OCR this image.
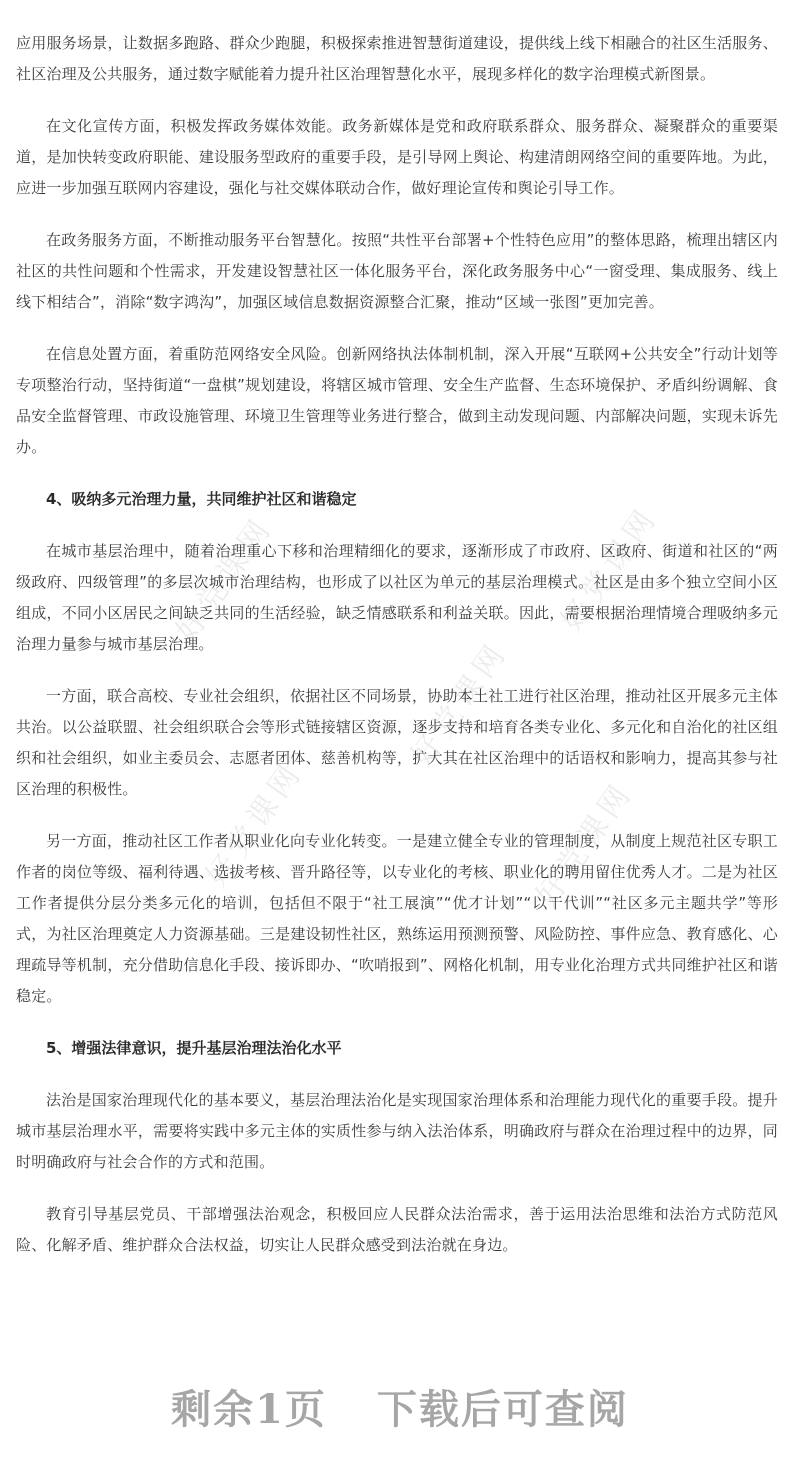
好党课网	好党课网
好党课网	好党课网
好党课网

应用服务场景，让数据多跑路、群众少跑腿，积极探索推进智慧街道建设，提供线上线下相融合的社区生活服务、社区治理及公共服务，通过数字赋能着力提升社区治理智慧化水平，展现多样化的数字治理模式新图景。

在文化宣传方面，积极发挥政务媒体效能。政务新媒体是党和政府联系群众、服务群众、凝聚群众的重要渠道，是加快转变政府职能、建设服务型政府的重要手段，是引导网上舆论、构建清朗网络空间的重要阵地。为此，应进一步加强互联网内容建设，强化与社交媒体联动合作，做好理论宣传和舆论引导工作。

在政务服务方面，不断推动服务平台智慧化。按照“共性平台部署+个性特色应用”的整体思路，梳理出辖区内社区的共性问题和个性需求，开发建设智慧社区一体化服务平台，深化政务服务中心“一窗受理、集成服务、线上线下相结合”，消除“数字鸿沟”，加强区域信息数据资源整合汇聚，推动“区域一张图”更加完善。

在信息处置方面，着重防范网络安全风险。创新网络执法体制机制，深入开展“互联网+公共安全”行动计划等专项整治行动，坚持街道“一盘棋”规划建设，将辖区城市管理、安全生产监督、生态环境保护、矛盾纠纷调解、食品安全监督管理、市政设施管理、环境卫生管理等业务进行整合，做到主动发现问题、内部解决问题，实现未诉先办。

4、吸纳多元治理力量，共同维护社区和谐稳定

在城市基层治理中，随着治理重心下移和治理精细化的要求，逐渐形成了市政府、区政府、街道和社区的“两级政府、四级管理”的多层次城市治理结构，也形成了以社区为单元的基层治理模式。社区是由多个独立空间小区组成，不同小区居民之间缺乏共同的生活经验，缺乏情感联系和利益关联。因此，需要根据治理情境合理吸纳多元治理力量参与城市基层治理。

一方面，联合高校、专业社会组织，依据社区不同场景，协助本土社工进行社区治理，推动社区开展多元主体共治。以公益联盟、社会组织联合会等形式链接辖区资源，逐步支持和培育各类专业化、多元化和自治化的社区组织和社会组织，如业主委员会、志愿者团体、慈善机构等，扩大其在社区治理中的话语权和影响力，提高其参与社区治理的积极性。

另一方面，推动社区工作者从职业化向专业化转变。一是建立健全专业的管理制度，从制度上规范社区专职工作者的岗位等级、福利待遇、选拔考核、晋升路径等，以专业化的考核、职业化的聘用留住优秀人才。二是为社区工作者提供分层分类多元化的培训，包括但不限于“社工展演”“优才计划”“以干代训”“社区多元主题共学”等形式，为社区治理奠定人力资源基础。三是建设韧性社区，熟练运用预测预警、风险防控、事件应急、教育感化、心理疏导等机制，充分借助信息化手段、接诉即办、“吹哨报到”、网格化机制，用专业化治理方式共同维护社区和谐稳定。

5、增强法律意识，提升基层治理法治化水平

法治是国家治理现代化的基本要义，基层治理法治化是实现国家治理体系和治理能力现代化的重要手段。提升城市基层治理水平，需要将实践中多元主体的实质性参与纳入法治体系，明确政府与群众在治理过程中的边界，同时明确政府与社会合作的方式和范围。

教育引导基层党员、干部增强法治观念，积极回应人民群众法治需求，善于运用法治思维和法治方式防范风险、化解矛盾、维护群众合法权益，切实让人民群众感受到法治就在身边。

剩余1页 下载后可查阅
